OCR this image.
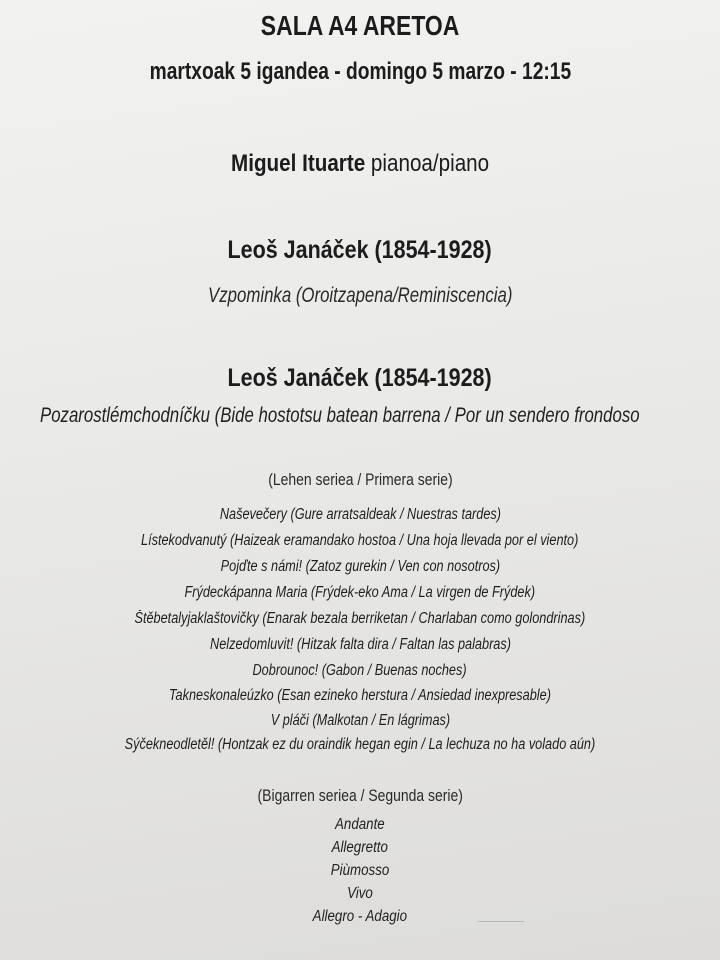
SALA A4 ARETOA
martxoak 5 igandea - domingo 5 marzo - 12:15
Miguel Ituarte pianoa/piano
Leoš Janáček (1854-1928)
Vzpominka (Oroitzapena/Reminiscencia)
Leoš Janáček (1854-1928)
Pozarostlémchodníčku (Bide hostotsu batean barrena / Por un sendero frondoso
(Lehen seriea / Primera serie)
Naševečery (Gure arratsaldeak / Nuestras tardes)
Lístekodvanutý (Haizeak eramandako hostoa / Una hoja llevada por el viento)
Pojďte s námi! (Zatoz gurekin / Ven con nosotros)
Frýdeckápanna Maria (Frýdek-eko Ama / La virgen de Frýdek)
Štěbetalyjaklaštovičky (Enarak bezala berriketan / Charlaban como golondrinas)
Nelzedomluvit! (Hitzak falta dira / Faltan las palabras)
Dobrounoc! (Gabon / Buenas noches)
Takneskonaleúzko (Esan ezineko herstura / Ansiedad inexpresable)
V pláči (Malkotan / En lágrimas)
Sýčekneodletěl! (Hontzak ez du oraindik hegan egin / La lechuza no ha volado aún)
(Bigarren seriea / Segunda serie)
Andante
Allegretto
Piùmosso
Vivo
Allegro - Adagio
